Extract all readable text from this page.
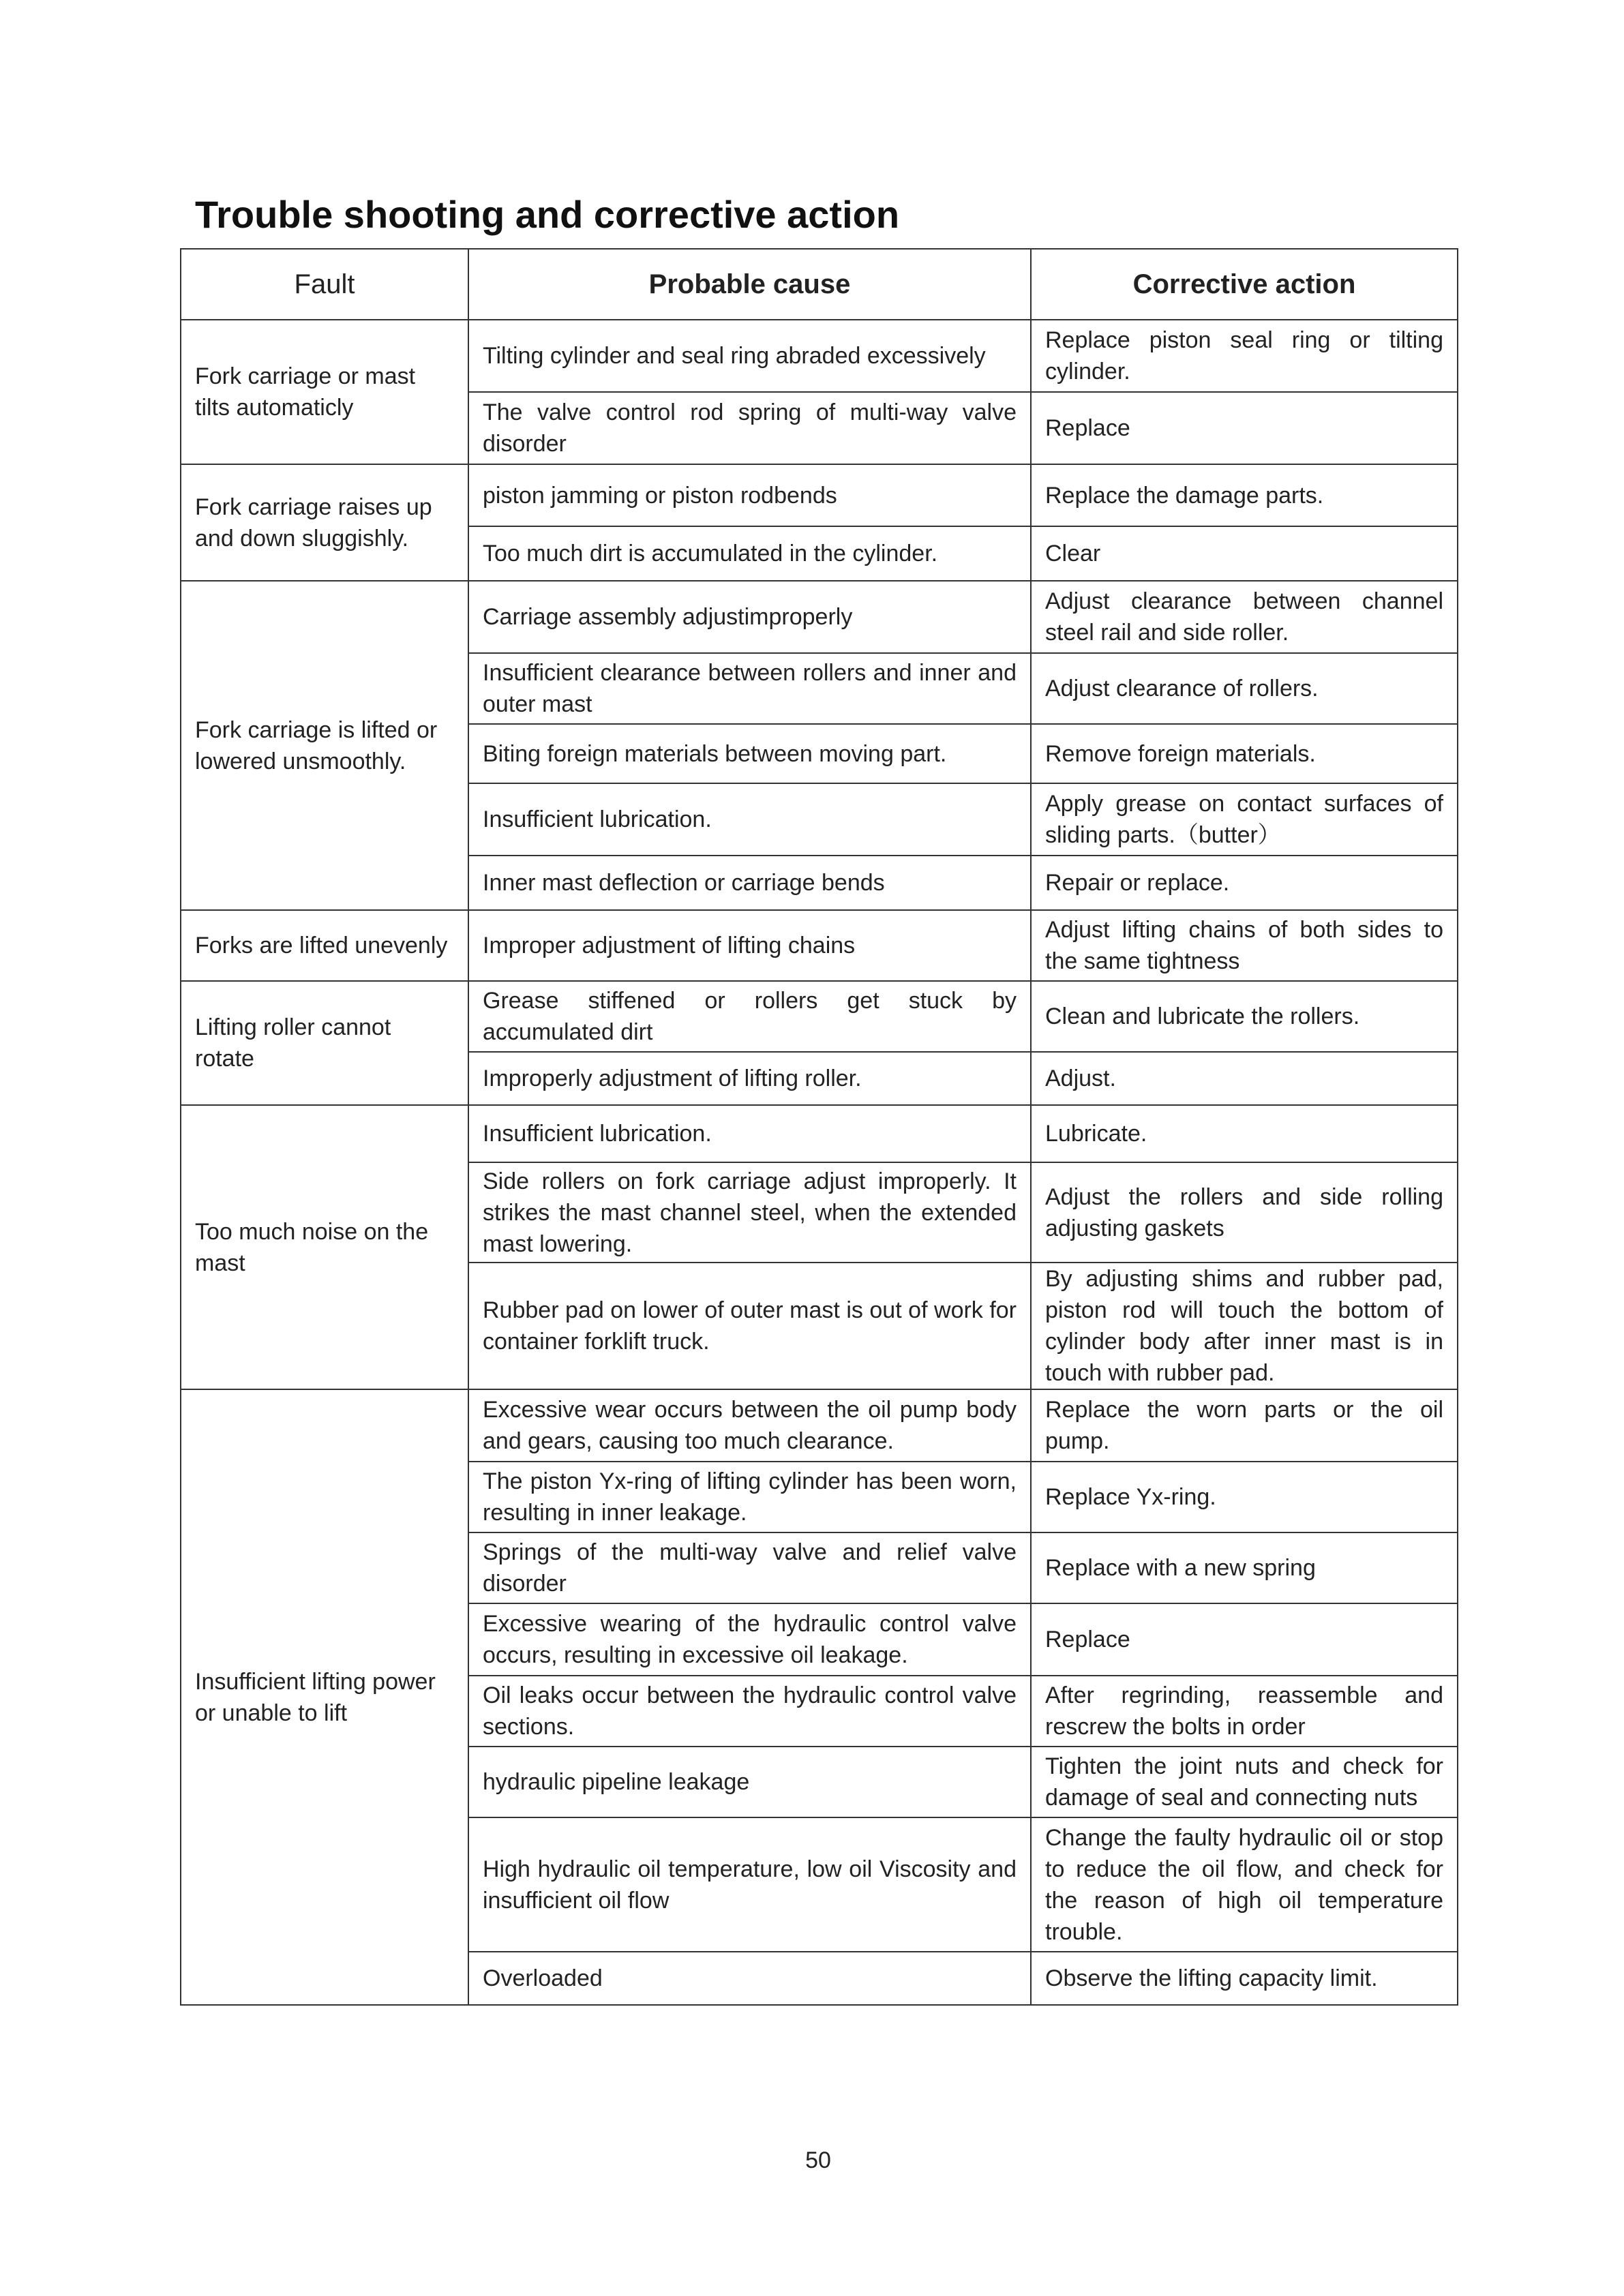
Trouble shooting and corrective action
Fault	Probable cause	Corrective action
Fork carriage or mast tilts automaticly	Tilting cylinder and seal ring abraded excessively	Replace piston seal ring or tilting cylinder.
	The valve control rod spring of multi-way valve disorder	Replace
Fork carriage raises up and down sluggishly.	piston jamming or piston rodbends	Replace the damage parts.
	Too much dirt is accumulated in the cylinder.	Clear
Fork carriage is lifted or lowered unsmoothly.	Carriage assembly adjustimproperly	Adjust clearance between channel steel rail and side roller.
	Insufficient clearance between rollers and inner and outer mast	Adjust clearance of rollers.
	Biting foreign materials between moving part.	Remove foreign materials.
	Insufficient lubrication.	Apply grease on contact surfaces of sliding parts.（butter）
	Inner mast deflection or carriage bends	Repair or replace.
Forks are lifted unevenly	Improper adjustment of lifting chains	Adjust lifting chains of both sides to the same tightness
Lifting roller cannot rotate	Grease stiffened or rollers get stuck by accumulated dirt	Clean and lubricate the rollers.
	Improperly adjustment of lifting roller.	Adjust.
Too much noise on the mast	Insufficient lubrication.	Lubricate.
	Side rollers on fork carriage adjust improperly. It strikes the mast channel steel, when the extended mast lowering.	Adjust the rollers and side rolling adjusting gaskets
	Rubber pad on lower of outer mast is out of work for container forklift truck.	By adjusting shims and rubber pad, piston rod will touch the bottom of cylinder body after inner mast is in touch with rubber pad.
Insufficient lifting power or unable to lift	Excessive wear occurs between the oil pump body and gears, causing too much clearance.	Replace the worn parts or the oil pump.
	The piston Yx-ring of lifting cylinder has been worn, resulting in inner leakage.	Replace Yx-ring.
	Springs of the multi-way valve and relief valve disorder	Replace with a new spring
	Excessive wearing of the hydraulic control valve occurs, resulting in excessive oil leakage.	Replace
	Oil leaks occur between the hydraulic control valve sections.	After regrinding, reassemble and rescrew the bolts in order
	hydraulic pipeline leakage	Tighten the joint nuts and check for damage of seal and connecting nuts
	High hydraulic oil temperature, low oil Viscosity and insufficient oil flow	Change the faulty hydraulic oil or stop to reduce the oil flow, and check for the reason of high oil temperature trouble.
	Overloaded	Observe the lifting capacity limit.
50
